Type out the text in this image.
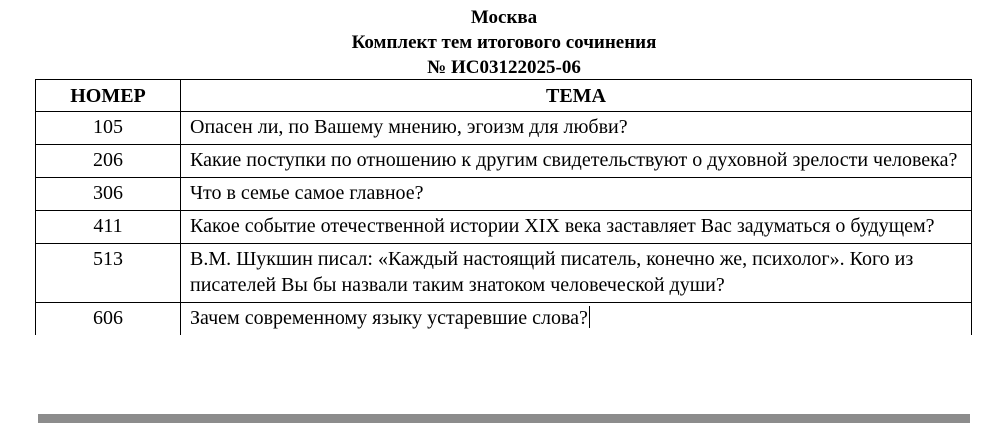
Москва
Комплект тем итогового сочинения
№ ИС03122025-06
НОМЕР	ТЕМА
105	Опасен ли, по Вашему мнению, эгоизм для любви?
206	Какие поступки по отношению к другим свидетельствуют о духовной зрелости человека?
306	Что в семье самое главное?
411	Какое событие отечественной истории XIX века заставляет Вас задуматься о будущем?
513	В.М. Шукшин писал: «Каждый настоящий писатель, конечно же, психолог». Кого из писателей Вы бы назвали таким знатоком человеческой души?
606	Зачем современному языку устаревшие слова?
